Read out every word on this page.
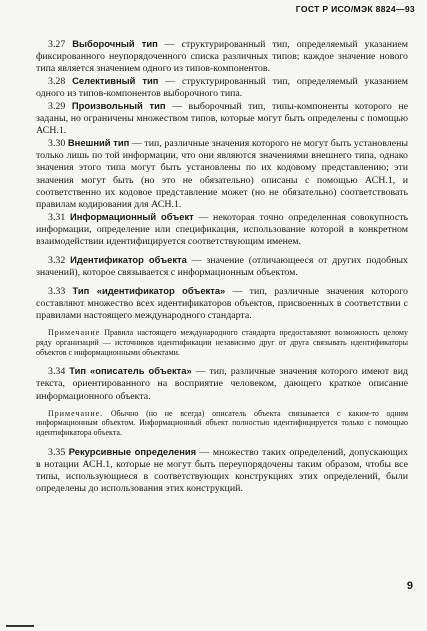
ГОСТ Р ИСО/МЭК 8824—93

3.27 Выборочный тип — структурированный тип, определяемый указанием фиксированного неупорядоченного списка различных типов; каждое значение нового типа является значением одного из типов-компонентов.

3.28 Селективный тип — структурированный тип, определяемый указанием одного из типов-компонентов выборочного типа.

3.29 Произвольный тип — выборочный тип, типы-компоненты которого не заданы, но ограничены множеством типов, которые могут быть определены с помощью АСН.1.

3.30 Внешний тип — тип, различные значения которого не могут быть установлены только лишь по той информации, что они являются значениями внешнего типа, однако значения этого типа могут быть установлены по их кодовому представлению; эти значения могут быть (но это не обязательно) описаны с помощью АСН.1, и соответственно их кодовое представление может (но не обязательно) соответствовать правилам кодирования для АСН.1.

3.31 Информационный объект — некоторая точно определенная совокупность информации, определение или спецификация, использование которой в конкретном взаимодействии идентифицируется соответствующим именем.

3.32 Идентификатор объекта — значение (отличающееся от других подобных значений), которое связывается с информационным объектом.

3.33 Тип «идентификатор объекта» — тип, различные значения которого составляют множество всех идентификаторов объектов, присвоенных в соответствии с правилами настоящего международного стандарта.

Примечание Правила настоящего международного стандарта предоставляют возможность целому ряду организаций — источников идентификации независимо друг от друга связывать идентификаторы объектов с информационными объектами.

3.34 Тип «описатель объекта» — тип, различные значения которого имеют вид текста, ориентированного на восприятие человеком, дающего краткое описание информационного объекта.

Примечание. Обычно (но не всегда) описатель объекта связывается с каким-то одним информационным объектом. Информационный объект полностью идентифицируется только с помощью идентификатора объекта.

3.35 Рекурсивные определения — множество таких определений, допускающих в нотации АСН.1, которые не могут быть переупорядочены таким образом, чтобы все типы, использующиеся в соответствующих конструкциях этих определений, были определены до использования этих конструкций.

9
